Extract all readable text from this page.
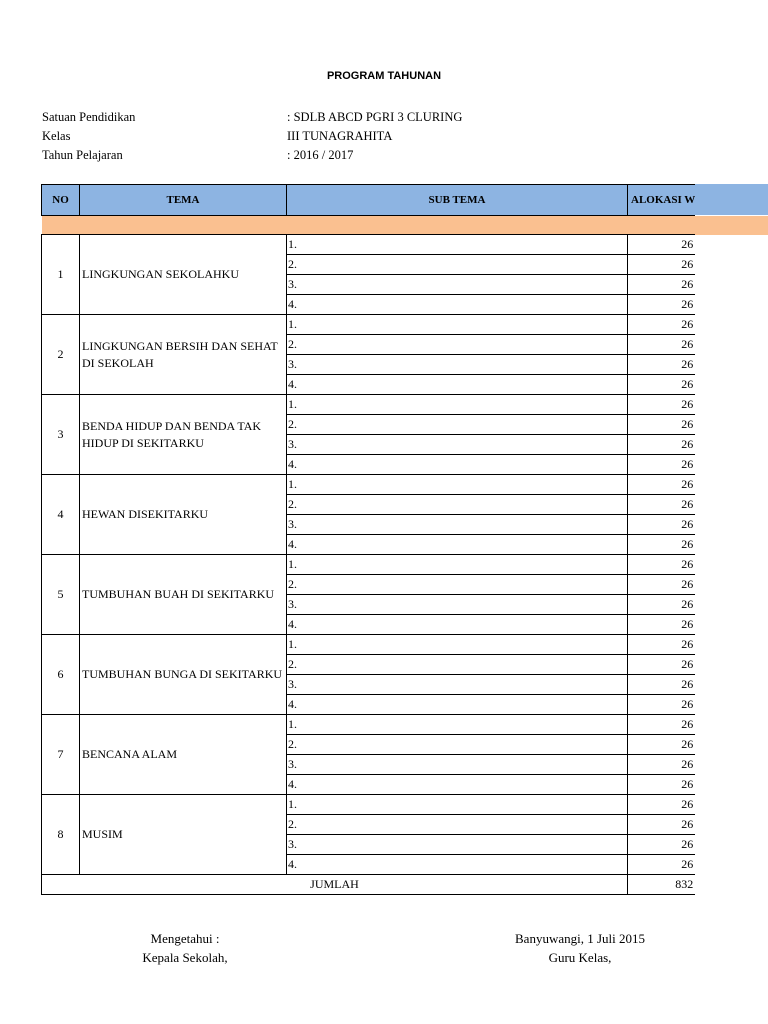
PROGRAM TAHUNAN
Satuan Pendidikan	: SDLB ABCD PGRI 3 CLURING
Kelas	III TUNAGRAHITA
Tahun Pelajaran	: 2016 / 2017
NO	TEMA	SUB TEMA	ALOKASI W

1	LINGKUNGAN SEKOLAHKU	1.	26
		2.	26
		3.	26
		4.	26
2	LINGKUNGAN BERSIH DAN SEHAT DI SEKOLAH	1.	26
		2.	26
		3.	26
		4.	26
3	BENDA HIDUP DAN BENDA TAK HIDUP DI SEKITARKU	1.	26
		2.	26
		3.	26
		4.	26
4	HEWAN DISEKITARKU	1.	26
		2.	26
		3.	26
		4.	26
5	TUMBUHAN BUAH DI SEKITARKU	1.	26
		2.	26
		3.	26
		4.	26
6	TUMBUHAN BUNGA DI SEKITARKU	1.	26
		2.	26
		3.	26
		4.	26
7	BENCANA ALAM	1.	26
		2.	26
		3.	26
		4.	26
8	MUSIM	1.	26
		2.	26
		3.	26
		4.	26
JUMLAH			832
Mengetahui :
Kepala Sekolah,
Banyuwangi, 1 Juli 2015
Guru Kelas,
